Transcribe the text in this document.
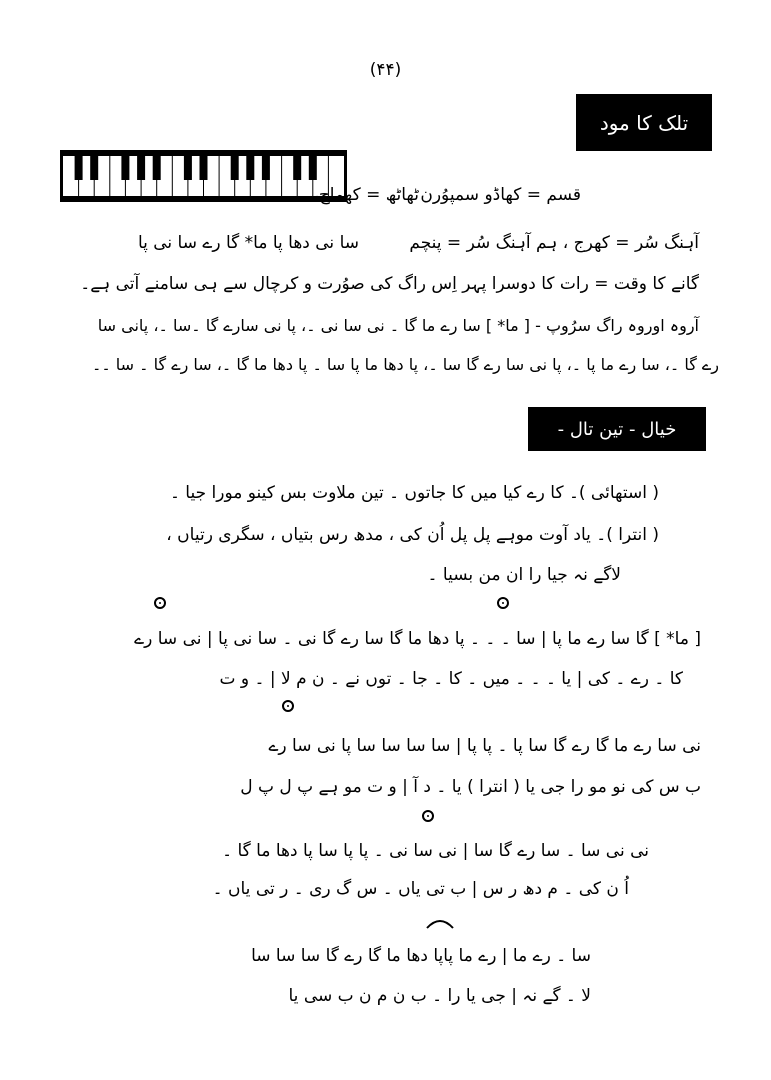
(۴۴)
تلک کا مود
ٹھاٹھ = کھماج، قسم = کھاڈو سمپوُرن
آہنگ سُر = کھرج ، ہم آہنگ سُر = پنچم
سا نی دھا پا ما* گا رے سا نی پا
گانے کا وقت = رات کا دوسرا پہر اِس راگ کی صوُرت و کرچال سے ہی سامنے آتی ہے۔
آروہ اوروہ راگ سرُوپ - [ ما* ] سا رے ما گا ۔ نی سا نی ۔، پا نی سارے گا ۔سا ۔، پانی سا
رے گا ۔، سا رے ما پا ۔، پا نی سا رے گا سا ۔، پا دھا ما پا سا ۔ پا دھا ما گا ۔، سا رے گا ۔ سا ۔۔
خیال - تین تال -
( استھائی )۔ کا رے کیا میں کا جاتوں ۔ تین ملاوت بس کینو مورا جیا ۔
( انترا )۔ یاد آوت موہے پل پل اُن کی ، مدھ رس بتیاں ، سگری رتیاں ،
لاگے نہ جیا را ان من بسیا ۔
[ ما* ] گا سا رے ما پا | سا ۔ ۔ ۔ پا دھا ما گا سا رے گا نی ۔ سا نی پا | نی سا رے
کا ۔ رے ۔ کی | یا ۔ ۔ ۔ میں ۔ کا ۔ جا ۔ توں نے ۔ ن م لا | ۔ و ت
نی سا رے ما گا رے گا سا پا ۔ پا پا | سا سا سا سا پا نی سا رے
ب س کی نو مو را جی یا ( انترا ) یا ۔ د آ | و ت مو ہے پ ل پ ل
نی نی سا ۔ سا رے گا سا | نی سا نی ۔ پا پا سا پا دھا ما گا ۔
اُ ن کی ۔ م دھ ر س | ب تی یاں ۔ س گ ری ۔ ر تی یاں ۔
سا ۔ رے ما | رے ما پاپا دھا ما گا رے گا سا سا سا
لا ۔ گے نہ | جی یا را ۔ ب ن م ن ب سی یا
